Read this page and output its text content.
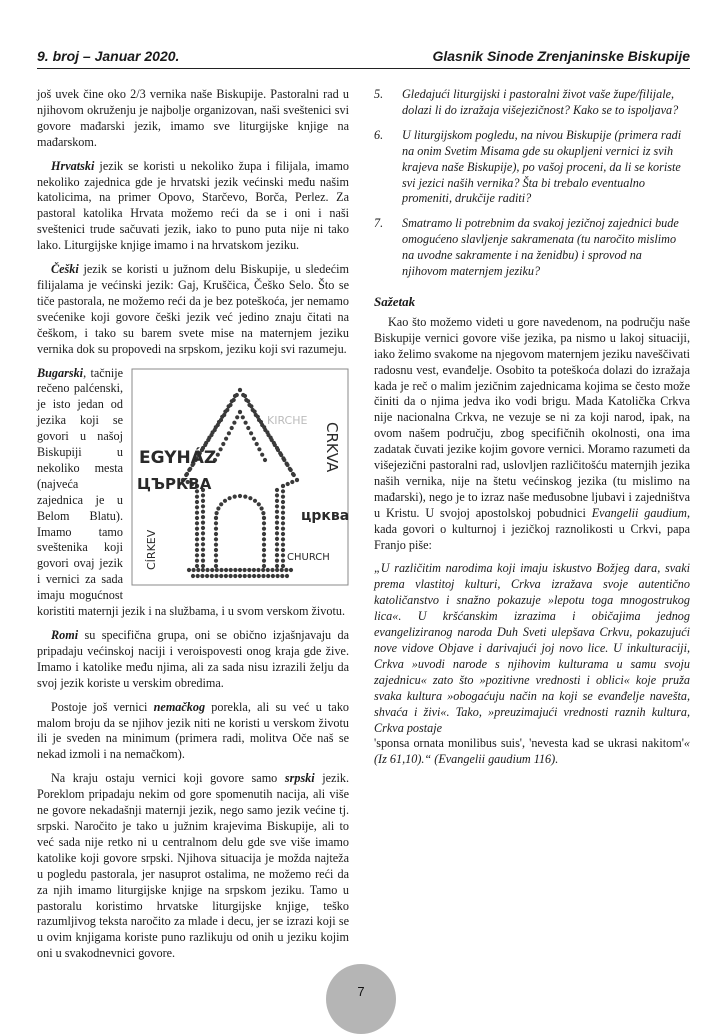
9. broj – Januar 2020.	Glasnik Sinode Zrenjaninske Biskupije

još uvek čine oko 2/3 vernika naše Biskupije. Pastoralni rad u njihovom okruženju je najbolje organizovan, naši sveštenici svi govore mađarski jezik, imamo sve liturgijske knjige na mađarskom.

Hrvatski jezik se koristi u nekoliko župa i filijala, imamo nekoliko zajednica gde je hrvatski jezik većinski među našim katolicima, na primer Opovo, Starčevo, Borča, Perlez. Za pastoral katolika Hrvata možemo reći da se i oni i naši sveštenici trude sačuvati jezik, iako to puno puta nije ni tako lako. Liturgijske knjige imamo i na hrvatskom jeziku.

Češki jezik se koristi u južnom delu Biskupije, u sledećim filijalama je većinski jezik: Gaj, Kruščica, Češko Selo. Što se tiče pastorala, ne možemo reći da je bez poteškoća, jer nemamo svećenike koji govore češki jezik već jedino znaju čitati na češkom, i tako su barem svete mise na maternjem jeziku vernika dok su propovedi na srpskom, jeziku koji svi razumeju.

EGYHÁZ
KIRCHE
CRKVA
ЦЪРКВА
црква
CÍRKEV	CHURCH

Bugarski, tačnije rečeno palćenski, je isto jedan od jezika koji se govori u našoj Biskupiji u nekoliko mesta (najveća zajednica je u Belom Blatu). Imamo tamo sveštenika koji govori ovaj jezik i vernici za sada imaju mogućnost koristiti maternji jezik i na službama, i u svom verskom životu.

Romi su specifična grupa, oni se obično izjašnjavaju da pripadaju većinskoj naciji i veroispovesti onog kraja gde žive. Imamo i katolike među njima, ali za sada nisu izrazili želju da svoj jezik koriste u verskim obredima.

Postoje još vernici nemačkog porekla, ali su već u tako malom broju da se njihov jezik niti ne koristi u verskom životu ili je sveden na minimum (primera radi, molitva Oče naš se nekad izmoli i na nemačkom).

Na kraju ostaju vernici koji govore samo srpski jezik. Poreklom pripadaju nekim od gore spomenutih nacija, ali više ne govore nekadašnji maternji jezik, nego samo jezik većine tj. srpski. Naročito je tako u južnim krajevima Biskupije, ali to već sada nije retko ni u centralnom delu gde sve više imamo katolike koji govore srpski. Njihova situacija je možda najteža u pogledu pastorala, jer nasuprot ostalima, ne možemo reći da za njih imamo liturgijske knjige na srpskom jeziku. Tamo u pastoralu koristimo hrvatske liturgijske knjige, teško razumljivog teksta naročito za mlade i decu, jer se izrazi koji se u ovim knjigama koriste puno razlikuju od onih u jeziku kojim oni u svakodnevnici govore.

5.	Gledajući liturgijski i pastoralni život vaše župe/filijale, dolazi li do izražaja višejezičnost? Kako se to ispoljava?
6.	U liturgijskom pogledu, na nivou Biskupije (primera radi na onim Svetim Misama gde su okupljeni vernici iz svih krajeva naše Biskupije), po vašoj proceni, da li se koriste svi jezici naših vernika? Šta bi trebalo eventualno promeniti, drukčije raditi?
7.	Smatramo li potrebnim da svakoj jezičnoj zajednici bude omogućeno slavljenje sakramenata (tu naročito mislimo na uvodne sakramente i na ženidbu) i sprovod na njihovom maternjem jeziku?
Sažetak

Kao što možemo videti u gore navedenom, na području naše Biskupije vernici govore više jezika, pa nismo u lakoj situaciji, iako želimo svakome na njegovom maternjem jeziku naveščivati radosnu vest, evanđelje. Osobito ta poteškoća dolazi do izražaja kada je reč o malim jezičnim zajednicama kojima se često može činiti da o njima jedva iko vodi brigu. Mada Katolička Crkva nije nacionalna Crkva, ne vezuje se ni za koji narod, ipak, na ovom našem području, zbog specifičnih okolnosti, ona ima zadatak čuvati jezike kojim govore vernici. Moramo razumeti da višejezični pastoralni rad, uslovljen različitošću maternjih jezika naših vernika, nije na štetu većinskog jezika (tu mislimo na mađarski), nego je to izraz naše međusobne ljubavi i zajedništva u Kristu. U svojoj apostolskoj pobudnici Evangelii gaudium, kada govori o kulturnoj i jezičkoj raznolikosti u Crkvi, papa Franjo piše:

„U različitim narodima koji imaju iskustvo Božjeg dara, svaki prema vlastitoj kulturi, Crkva izražava svoje autentično katoličanstvo i snažno pokazuje »lepotu toga mnogostrukog lica«. U kršćanskim izrazima i običajima jednog evangeliziranog naroda Duh Sveti ulepšava Crkvu, pokazujući nove vidove Objave i darivajući joj novo lice. U inkulturaciji, Crkva »uvodi narode s njihovim kulturama u samu svoju zajednicu« zato što »pozitivne vrednosti i oblici« koje pruža svaka kultura »obogaćuju način na koji se evanđelje navešta, shvaća i živi«. Tako, »preuzimajući vrednosti raznih kultura, Crkva postaje
'sponsa ornata monilibus suis', 'nevesta kad se ukrasi nakitom'« (Iz 61,10).“ (Evangelii gaudium 116).

7
